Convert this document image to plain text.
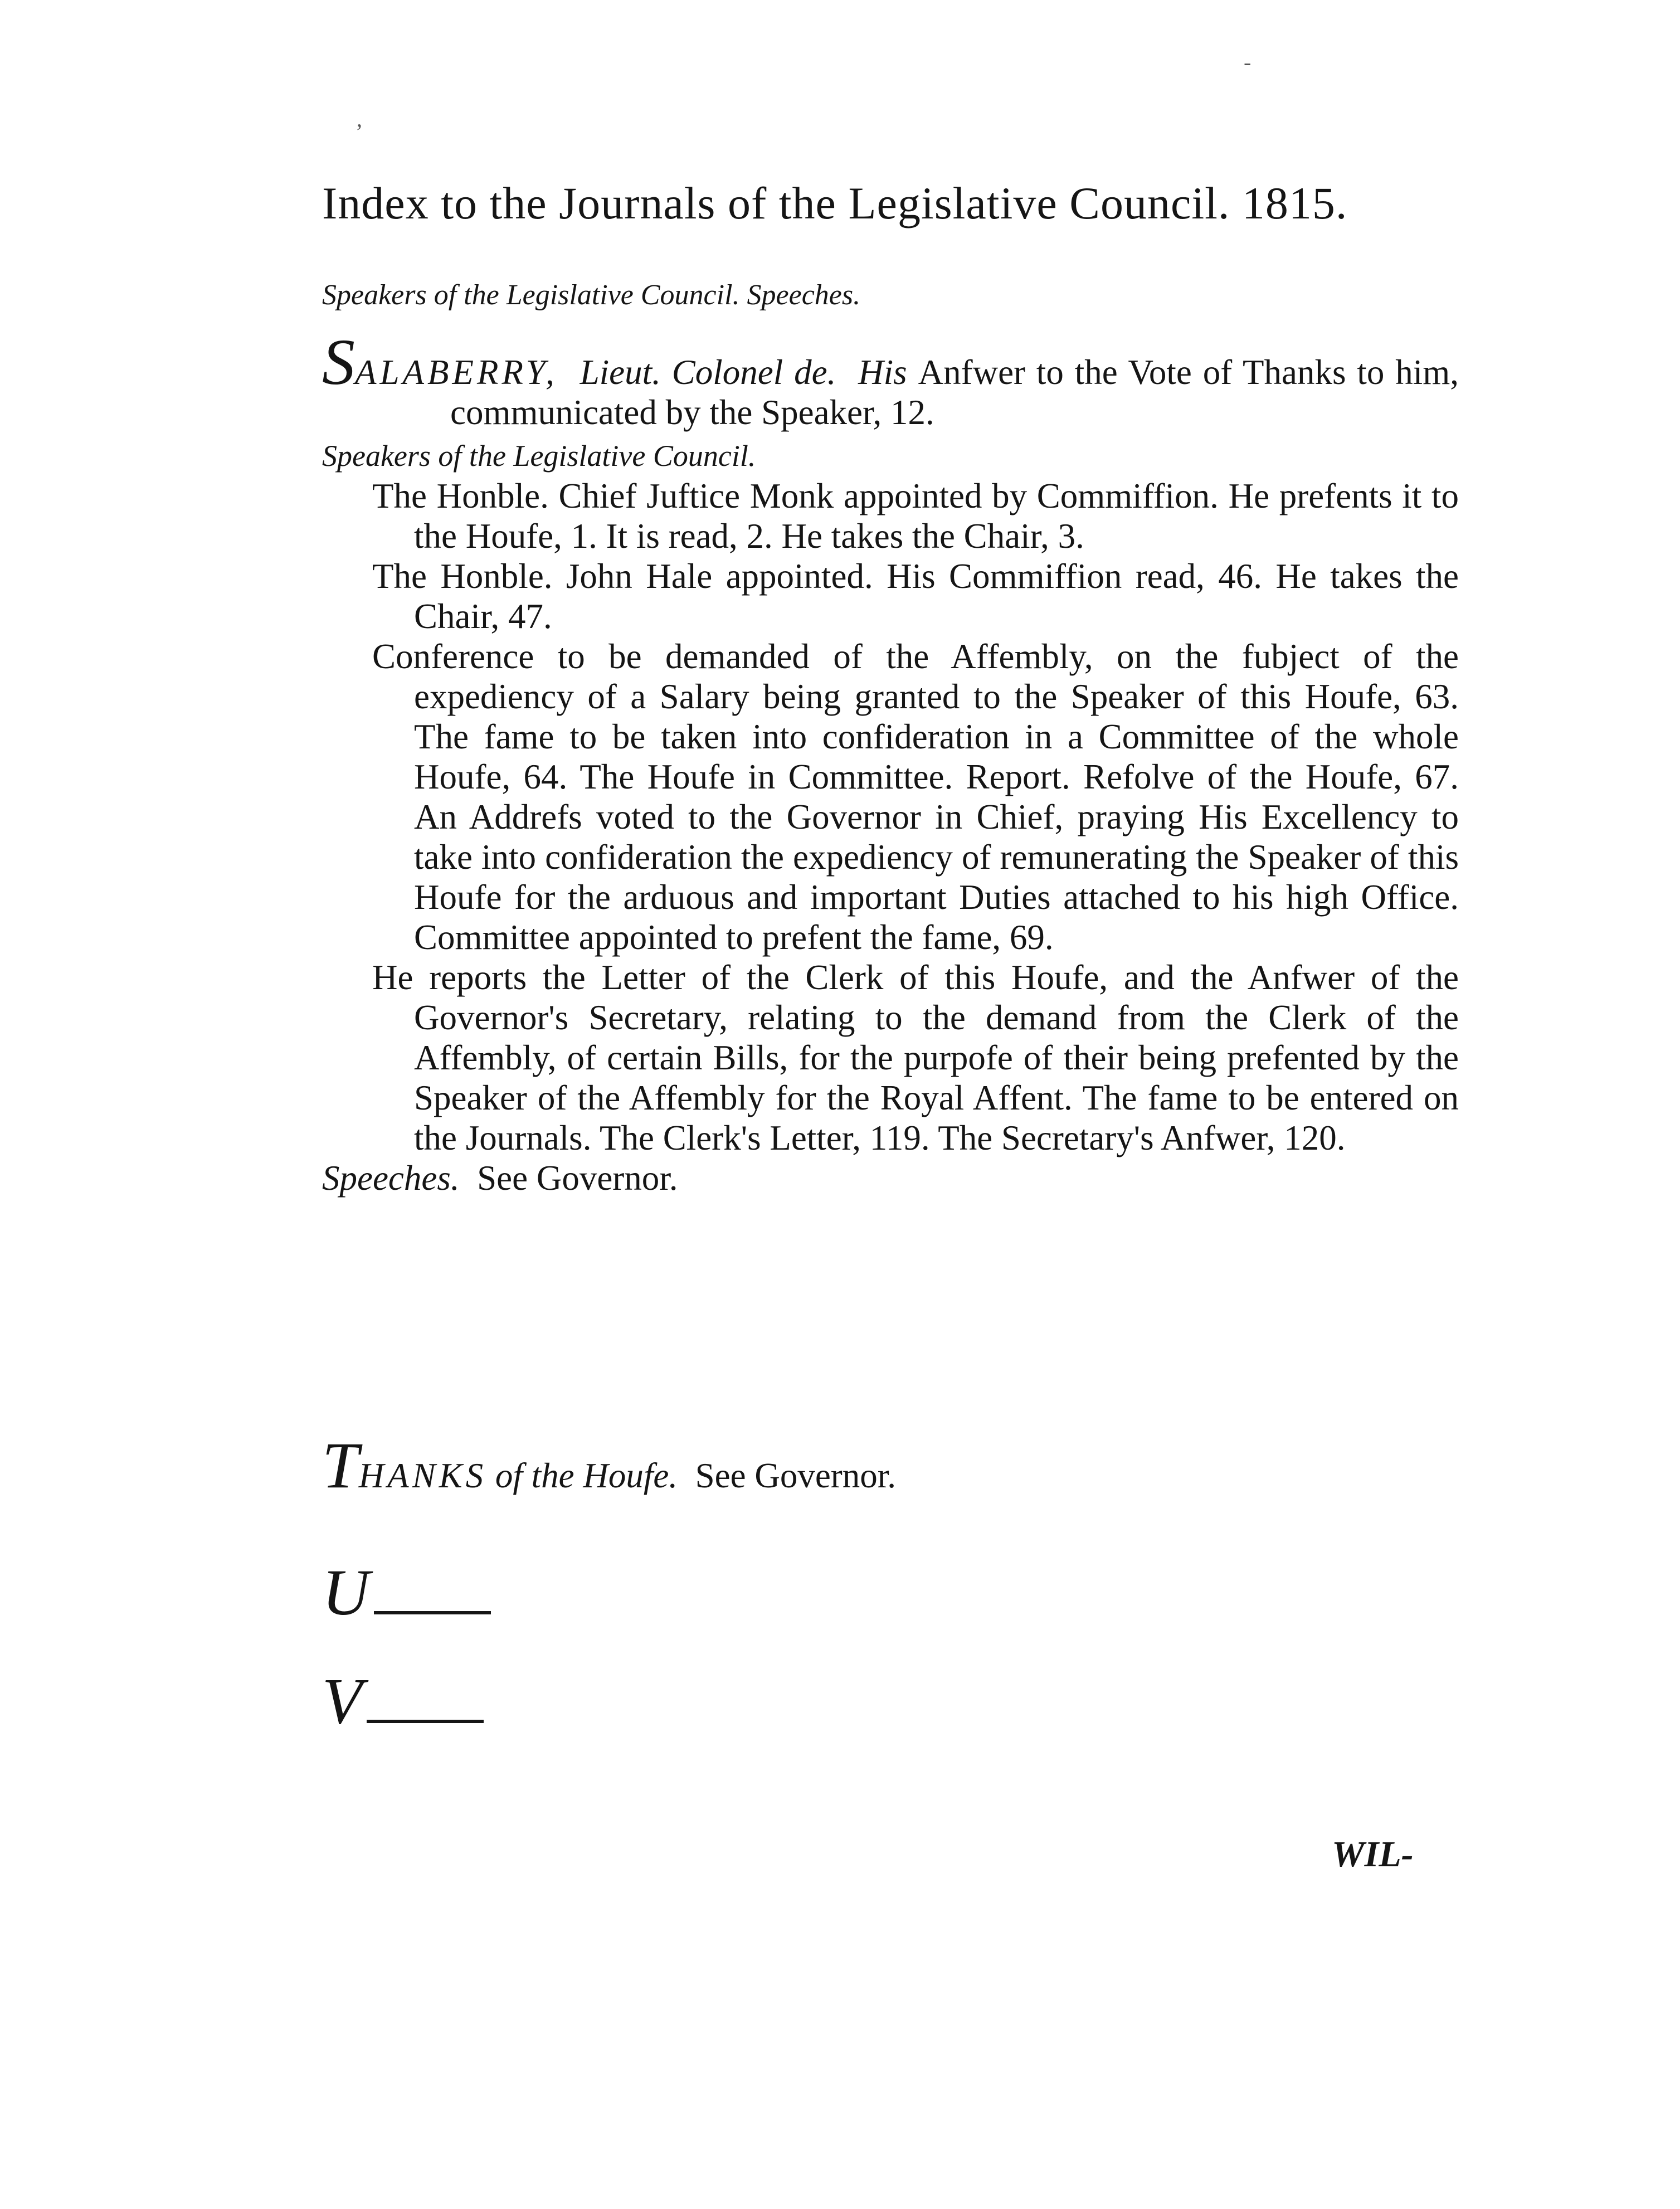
-
,
Index to the Journals of the Legislative Council. 1815.
Speakers of the Legislative Council. Speeches.

SALABERRY, Lieut. Colonel de. His Anfwer to the Vote of Thanks to him, communicated by the Speaker, 12.

Speakers of the Legislative Council.

The Honble. Chief Juftice Monk appointed by Commiffion. He prefents it to the Houfe, 1. It is read, 2. He takes the Chair, 3.

The Honble. John Hale appointed. His Commiffion read, 46. He takes the Chair, 47.

Conference to be demanded of the Affembly, on the fubject of the expediency of a Salary being granted to the Speaker of this Houfe, 63. The fame to be taken into confideration in a Committee of the whole Houfe, 64. The Houfe in Committee. Report. Refolve of the Houfe, 67. An Addrefs voted to the Governor in Chief, praying His Excellency to take into confideration the expediency of remunerating the Speaker of this Houfe for the arduous and important Duties attached to his high Office. Committee appointed to prefent the fame, 69.

He reports the Letter of the Clerk of this Houfe, and the Anfwer of the Governor's Secretary, relating to the demand from the Clerk of the Affembly, of certain Bills, for the purpofe of their being prefented by the Speaker of the Affembly for the Royal Affent. The fame to be entered on the Journals. The Clerk's Letter, 119. The Secretary's Anfwer, 120.

Speeches. See Governor.

THANKS of the Houfe. See Governor.
U
V
WIL-
